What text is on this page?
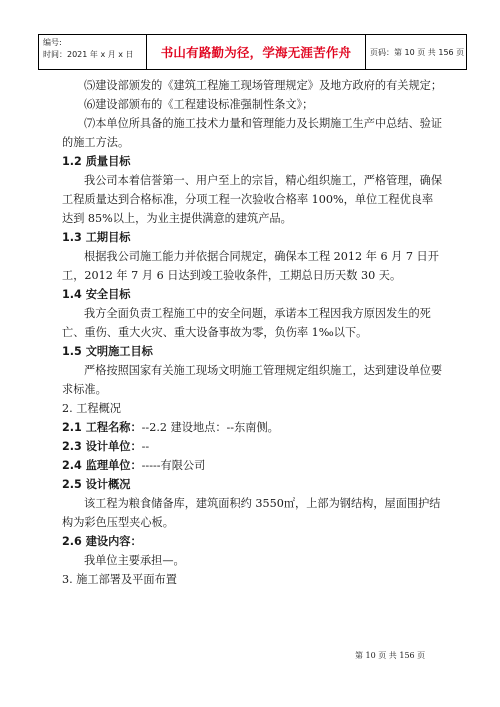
编号:
时间：2021 年 x 月 x 日	书山有路勤为径，学海无涯苦作舟	页码：第 10 页 共 156 页

⑸建设部颁发的《建筑工程施工现场管理规定》及地方政府的有关规定；

⑹建设部颁布的《工程建设标准强制性条文》；

⑺本单位所具备的施工技术力量和管理能力及长期施工生产中总结、验证的施工方法。

1.2 质量目标

我公司本着信誉第一、用户至上的宗旨，精心组织施工，严格管理，确保工程质量达到合格标准，分项工程一次验收合格率 100%，单位工程优良率达到 85%以上，为业主提供满意的建筑产品。

1.3 工期目标

根据我公司施工能力并依据合同规定，确保本工程 2012 年 6 月 7 日开工，2012 年 7 月 6 日达到竣工验收条件，工期总日历天数 30 天。

1.4 安全目标

我方全面负责工程施工中的安全问题，承诺本工程因我方原因发生的死亡、重伤、重大火灾、重大设备事故为零，负伤率 1‰以下。

1.5 文明施工目标

严格按照国家有关施工现场文明施工管理规定组织施工，达到建设单位要求标准。

2. 工程概况

2.1 工程名称：--2.2 建设地点：--东南侧。

2.3 设计单位：--

2.4 监理单位：-----有限公司

2.5 设计概况

该工程为粮食储备库，建筑面积约 3550㎡，上部为钢结构，屋面围护结构为彩色压型夹心板。

2.6 建设内容：

我单位主要承担—。

3. 施工部署及平面布置

第 10 页 共 156 页
